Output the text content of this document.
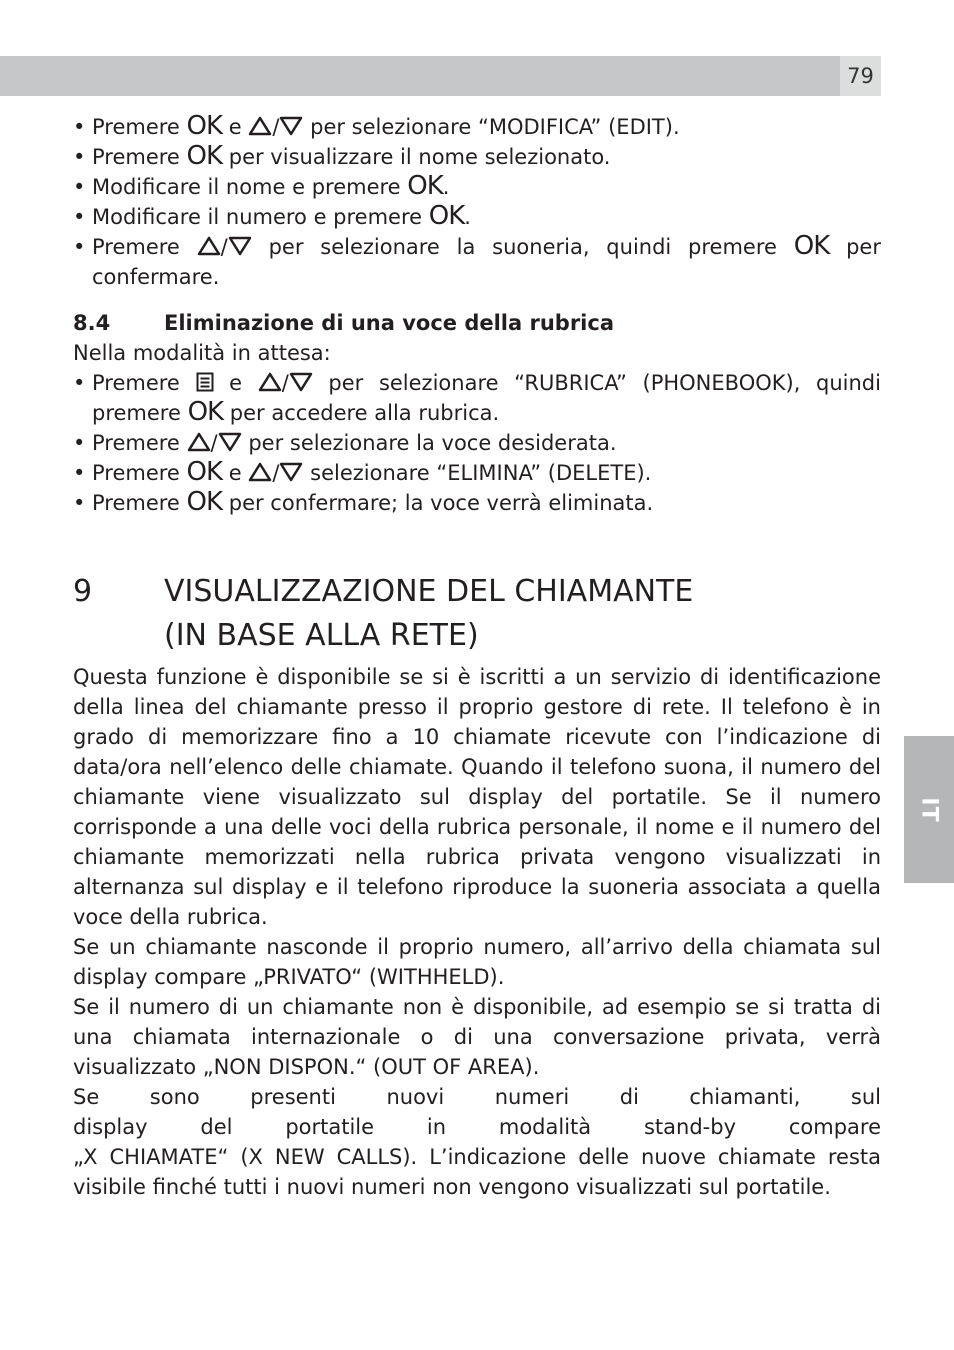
79
IT

• Premere OK e / per selezionare “MODIFICA” (EDIT).

• Premere OK per visualizzare il nome selezionato.

• Modificare il nome e premere OK.

• Modificare il numero e premere OK.

• Premere / per selezionare la suoneria, quindi premere OK per confermare.

8.4	Eliminazione di una voce della rubrica

Nella modalità in attesa:

• Premere e / per selezionare “RUBRICA” (PHONEBOOK), quindi premere OK per accedere alla rubrica.

• Premere / per selezionare la voce desiderata.

• Premere OK e / selezionare “ELIMINA” (DELETE).

• Premere OK per confermare; la voce verrà eliminata.

9	VISUALIZZAZIONE DEL CHIAMANTE
(IN BASE ALLA RETE)

Questa funzione è disponibile se si è iscritti a un servizio di identificazione della linea del chiamante presso il proprio gestore di rete. Il telefono è in grado di memorizzare fino a 10 chiamate ricevute con l’indicazione di data/ora nell’elenco delle chiamate. Quando il telefono suona, il numero del chiamante viene visualizzato sul display del portatile. Se il numero corrisponde a una delle voci della rubrica personale, il nome e il numero del chiamante memorizzati nella rubrica privata vengono visualizzati in alternanza sul display e il telefono riproduce la suoneria associata a quella voce della rubrica.

Se un chiamante nasconde il proprio numero, all’arrivo della chiamata sul display compare „PRIVATO“ (WITHHELD).

Se il numero di un chiamante non è disponibile, ad esempio se si tratta di una chiamata internazionale o di una conversazione privata, verrà visualizzato „NON DISPON.“ (OUT OF AREA).

Se sono presenti nuovi numeri di chiamanti, sul

display del portatile in modalità stand-by compare

„X CHIAMATE“ (X NEW CALLS). L’indicazione delle nuove chiamate resta visibile finché tutti i nuovi numeri non vengono visualizzati sul portatile.
